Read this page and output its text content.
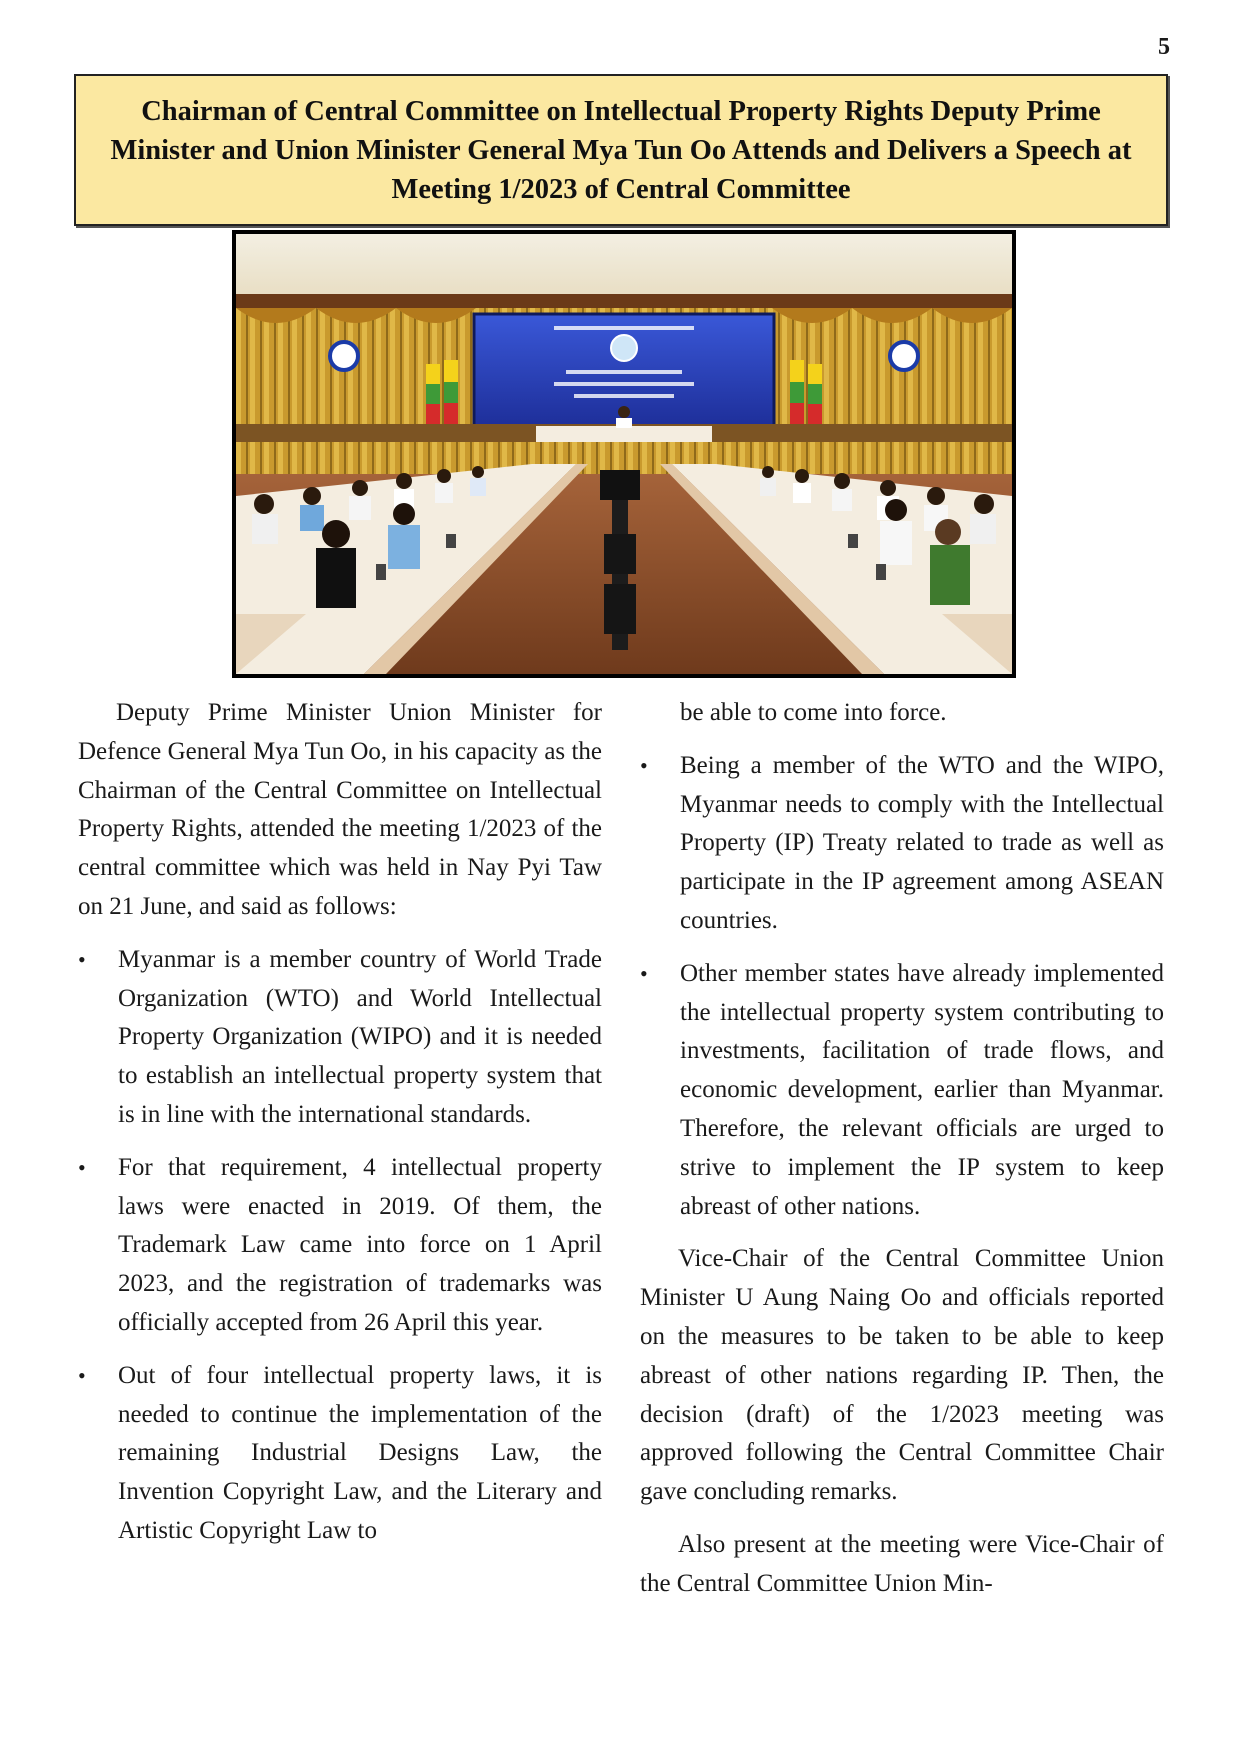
5
Chairman of Central Committee on Intellectual Property Rights Deputy Prime Minister and Union Minister General Mya Tun Oo Attends and Delivers a Speech at Meeting 1/2023 of Central Committee

Deputy Prime Minister Union Minister for Defence General Mya Tun Oo, in his capacity as the Chairman of the Central Committee on Intellectual Property Rights, attended the meeting 1/2023 of the central committee which was held in Nay Pyi Taw on 21 June, and said as follows:

• Myanmar is a member country of World Trade Organization (WTO) and World Intellectual Property Organization (WIPO) and it is needed to establish an intellectual property system that is in line with the international standards.
• For that requirement, 4 intellectual property laws were enacted in 2019. Of them, the Trademark Law came into force on 1 April 2023, and the registration of trademarks was officially accepted from 26 April this year.
• Out of four intellectual property laws, it is needed to continue the implementation of the remaining Industrial Designs Law, the Invention Copyright Law, and the Literary and Artistic Copyright Law to
be able to come into force.
• Being a member of the WTO and the WIPO, Myanmar needs to comply with the Intellectual Property (IP) Treaty related to trade as well as participate in the IP agreement among ASEAN countries.
• Other member states have already implemented the intellectual property system contributing to investments, facilitation of trade flows, and economic development, earlier than Myanmar. Therefore, the relevant officials are urged to strive to implement the IP system to keep abreast of other nations.

Vice-Chair of the Central Committee Union Minister U Aung Naing Oo and officials reported on the measures to be taken to be able to keep abreast of other nations regarding IP. Then, the decision (draft) of the 1/2023 meeting was approved following the Central Committee Chair gave concluding remarks.

Also present at the meeting were Vice-Chair of the Central Committee Union Min-
